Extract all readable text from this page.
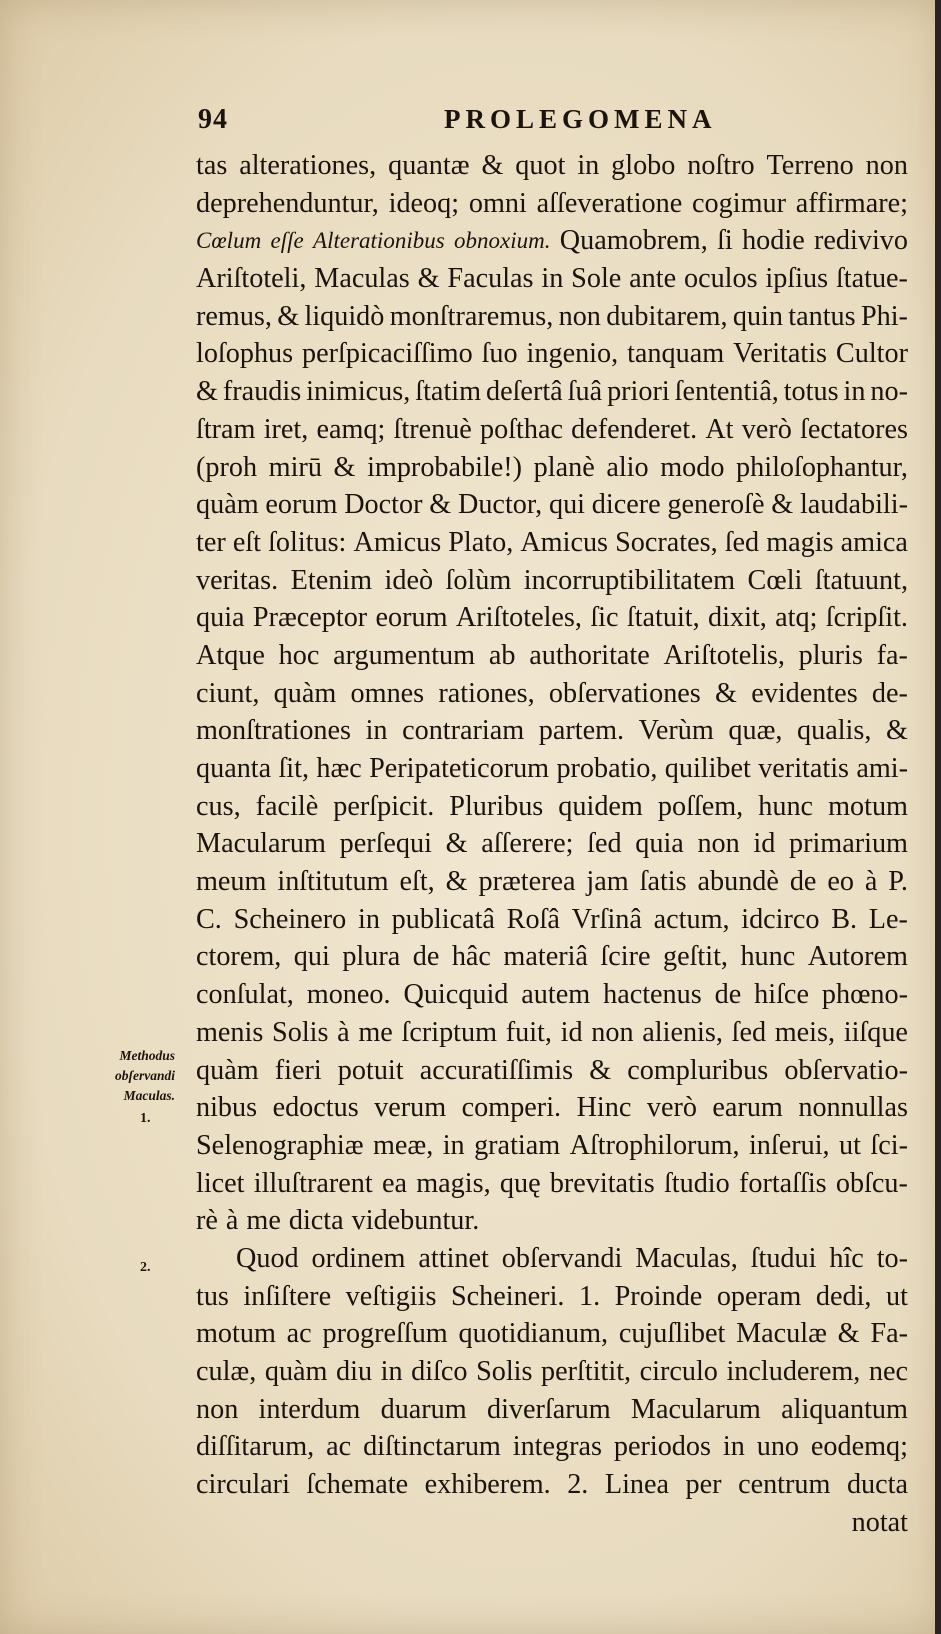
94	PROLEGOMENA
tas alterationes, quantæ & quot in globo noſtro Terreno non
deprehenduntur, ideoq; omni aſſeveratione cogimur affirmare;
Cœlum eſſe Alterationibus obnoxium. Quamobrem, ſi hodie redivivo
Ariſtoteli, Maculas & Faculas in Sole ante oculos ipſius ſtatue-
remus, & liquidò monſtraremus, non dubitarem, quin tantus Phi-
loſophus perſpicaciſſimo ſuo ingenio, tanquam Veritatis Cultor
& fraudis inimicus, ſtatim deſertâ ſuâ priori ſententiâ, totus in no-
ſtram iret, eamq; ſtrenuè poſthac defenderet. At verò ſectatores
(proh mirū & improbabile!) planè alio modo philoſophantur,
quàm eorum Doctor & Ductor, qui dicere generoſè & laudabili-
ter eſt ſolitus: Amicus Plato, Amicus Socrates, ſed magis amica
veritas. Etenim ideò ſolùm incorruptibilitatem Cœli ſtatuunt,
quia Præceptor eorum Ariſtoteles, ſic ſtatuit, dixit, atq; ſcripſit.
Atque hoc argumentum ab authoritate Ariſtotelis, pluris fa-
ciunt, quàm omnes rationes, obſervationes & evidentes de-
monſtrationes in contrariam partem. Verùm quæ, qualis, &
quanta ſit, hæc Peripateticorum probatio, quilibet veritatis ami-
cus, facilè perſpicit. Pluribus quidem poſſem, hunc motum
Macularum perſequi & aſſerere; ſed quia non id primarium
meum inſtitutum eſt, & præterea jam ſatis abundè de eo à P.
C. Scheinero in publicatâ Roſâ Vrſinâ actum, idcirco B. Le-
ctorem, qui plura de hâc materiâ ſcire geſtit, hunc Autorem
conſulat, moneo. Quicquid autem hactenus de hiſce phœno-
menis Solis à me ſcriptum fuit, id non alienis, ſed meis, iiſque
quàm fieri potuit accuratiſſimis & compluribus obſervatio-
nibus edoctus verum comperi. Hinc verò earum nonnullas
Selenographiæ meæ, in gratiam Aſtrophilorum, inſerui, ut ſci-
licet illuſtrarent ea magis, quę brevitatis ſtudio fortaſſis obſcu-
rè à me dicta videbuntur.
Quod ordinem attinet obſervandi Maculas, ſtudui hîc to-
tus inſiſtere veſtigiis Scheineri. 1. Proinde operam dedi, ut
motum ac progreſſum quotidianum, cujuſlibet Maculæ & Fa-
culæ, quàm diu in diſco Solis perſtitit, circulo includerem, nec
non interdum duarum diverſarum Macularum aliquantum
diſſitarum, ac diſtinctarum integras periodos in uno eodemq;
circulari ſchemate exhiberem. 2. Linea per centrum ducta
notat
Methodus
obſervandi
Maculas.
1.
2.
